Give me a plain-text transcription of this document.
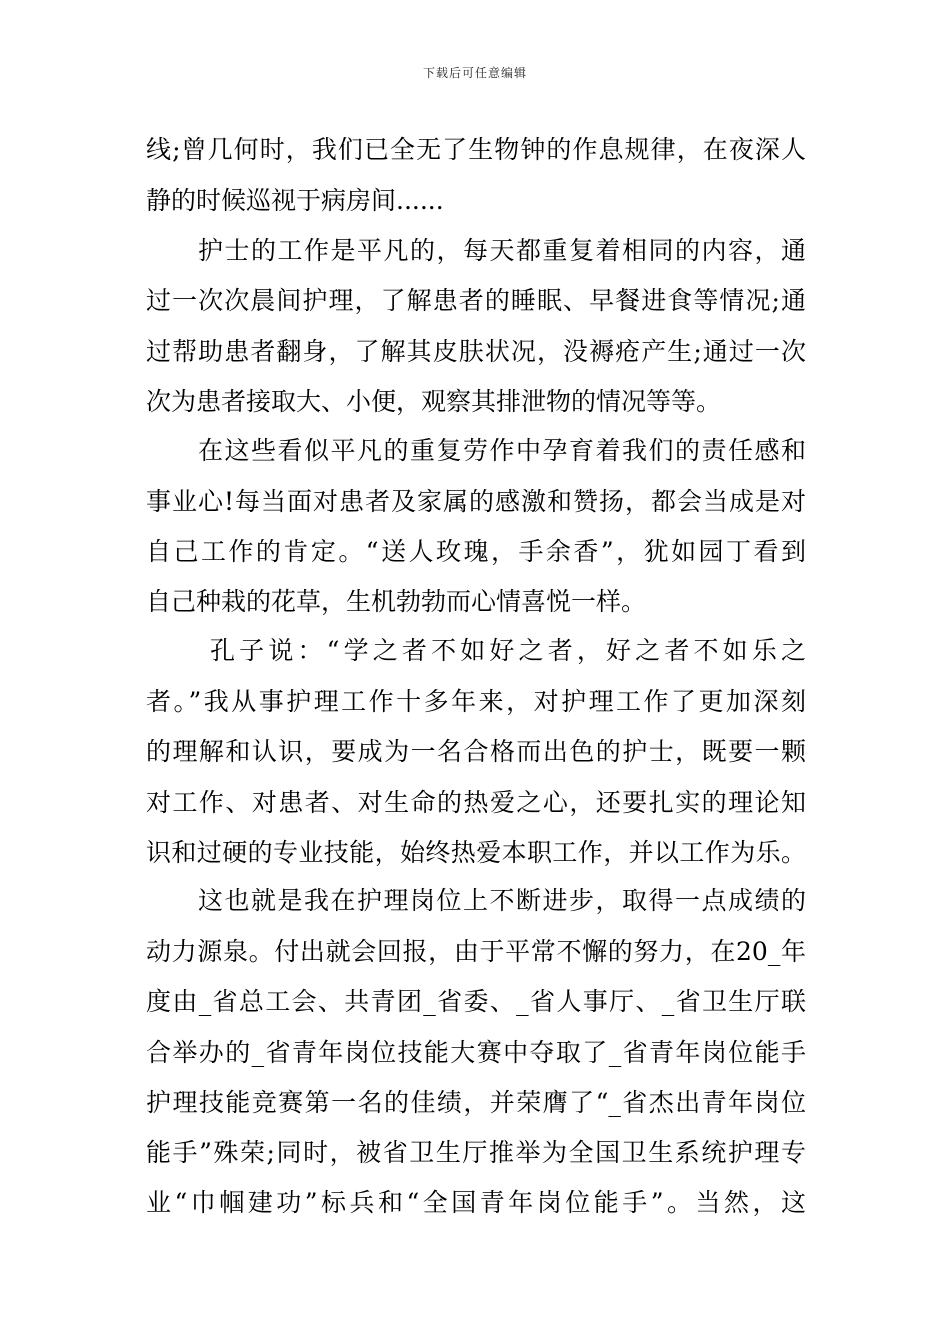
下载后可任意编辑
线;曾几何时，我们已全无了生物钟的作息规律，在夜深人
静的时候巡视于病房间......
护士的工作是平凡的，每天都重复着相同的内容，通
过一次次晨间护理，了解患者的睡眠、早餐进食等情况;通
过帮助患者翻身，了解其皮肤状况，没褥疮产生;通过一次
次为患者接取大、小便，观察其排泄物的情况等等。
在这些看似平凡的重复劳作中孕育着我们的责任感和
事业心!每当面对患者及家属的感激和赞扬，都会当成是对
自己工作的肯定。“送人玫瑰，手余香”，犹如园丁看到
自己种栽的花草，生机勃勃而心情喜悦一样。
孔子说：“学之者不如好之者，好之者不如乐之
者。”我从事护理工作十多年来，对护理工作了更加深刻
的理解和认识，要成为一名合格而出色的护士，既要一颗
对工作、对患者、对生命的热爱之心，还要扎实的理论知
识和过硬的专业技能，始终热爱本职工作，并以工作为乐。
这也就是我在护理岗位上不断进步，取得一点成绩的
动力源泉。付出就会回报，由于平常不懈的努力，在20_年
度由_省总工会、共青团_省委、_省人事厅、_省卫生厅联
合举办的_省青年岗位技能大赛中夺取了_省青年岗位能手
护理技能竞赛第一名的佳绩，并荣膺了“_省杰出青年岗位
能手”殊荣;同时，被省卫生厅推举为全国卫生系统护理专
业“巾帼建功”标兵和“全国青年岗位能手”。当然，这
